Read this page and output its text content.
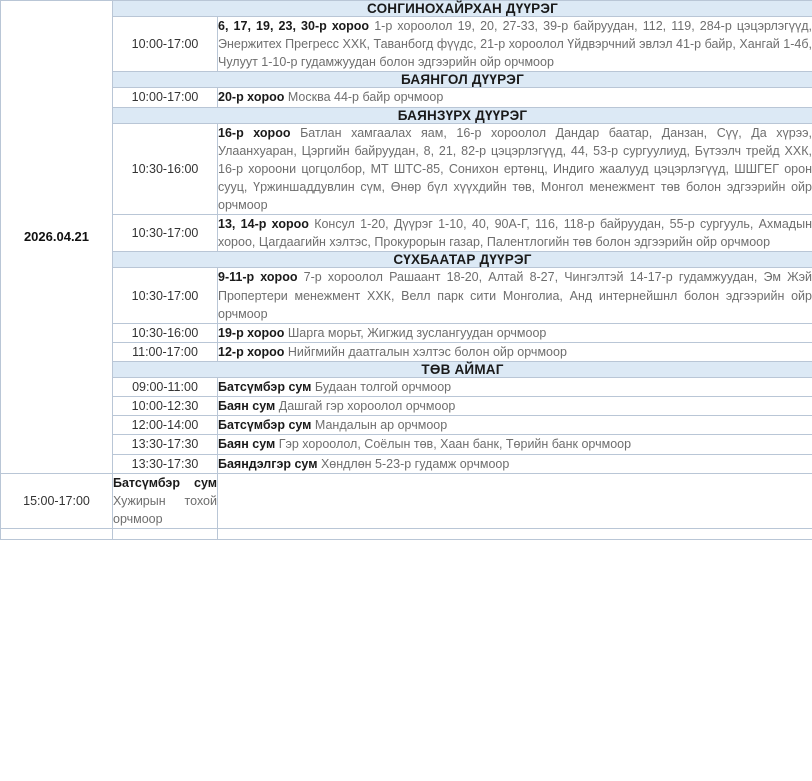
2026.04.21	СОНГИНОХАЙРХАН ДҮҮРЭГ	
	10:00-17:00	6, 17, 19, 23, 30-р хороо 1-р хороолол 19, 20, 27-33, 39-р байруудан, 112, 119, 284-р цэцэрлэгүүд, Энержитех Прегресс ХХК, Таванбогд фүүдс, 21-р хороолол Үйдвэрчний эвлэл 41-р байр, Хангай 1-4б, Чулуут 1-10-р гудамжуудан болон эдгээрийн ойр орчмоор
	БАЯНГОЛ ДҮҮРЭГ	
	10:00-17:00	20-р хороо Москва 44-р байр орчмоор
	БАЯНЗҮРХ ДҮҮРЭГ	
	10:30-16:00	16-р хороо Батлан хамгаалах яам, 16-р хороолол Дандар баатар, Данзан, Сүү, Да хүрээ, Улаанхуаран, Цэргийн байруудан, 8, 21, 82-р цэцэрлэгүүд, 44, 53-р сургуулиуд, Бүтээлч трейд ХХК, 16-р хороони цогцолбор, МТ ШТС-85, Сонихон ертөнц, Индиго жаалууд цэцэрлэгүүд, ШШГЕГ орон сууц, Үржиншаддувлин сүм, Өнөр бүл хүүхдийн төв, Монгол менежмент төв болон эдгээрийн ойр орчмоор
	10:30-17:00	13, 14-р хороо Консул 1-20, Дүүрэг 1-10, 40, 90А-Г, 116, 118-р байруудан, 55-р сургууль, Ахмадын хороо, Цагдаагийн хэлтэс, Прокурорын газар, Палентлогийн төв болон эдгээрийн ойр орчмоор
	СҮХБААТАР ДҮҮРЭГ	
	10:30-17:00	9-11-р хороо 7-р хороолол Рашаант 18-20, Алтай 8-27, Чингэлтэй 14-17-р гудамжуудан, Эм Жэй Пропертери менежмент ХХК, Велл парк сити Монголиа, Анд интернейшнл болон эдгээрийн ойр орчмоор
	10:30-16:00	19-р хороо Шарга морьт, Жигжид зуслангуудан орчмоор
	11:00-17:00	12-р хороо Нийгмийн даатгалын хэлтэс болон ойр орчмоор
	ТӨВ АЙМАГ	
	09:00-11:00	Батсүмбэр сум Будаан толгой орчмоор
	10:00-12:30	Баян сум Дашгай гэр хороолол орчмоор
	12:00-14:00	Батсүмбэр сум Мандалын ар орчмоор
	13:30-17:30	Баян сум Гэр хороолол, Соёлын төв, Хаан банк, Төрийн банк орчмоор
	13:30-17:30	Баяндэлгэр сум Хөндлөн 5-23-р гудамж орчмоор
15:00-17:00	Батсүмбэр сум Хужирын тохой орчмоор	
